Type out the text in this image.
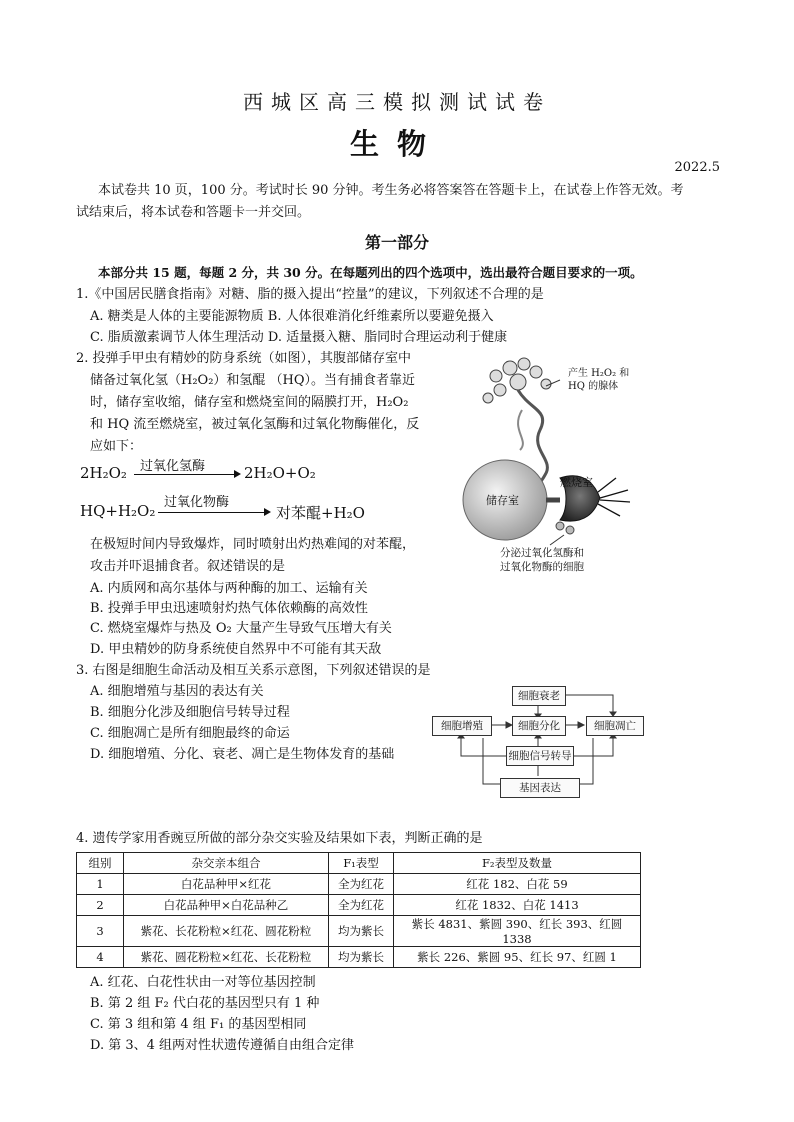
西城区高三模拟测试试卷
生物
2022.5
本试卷共 10 页，100 分。考试时长 90 分钟。考生务必将答案答在答题卡上，在试卷上作答无效。考
试结束后，将本试卷和答题卡一并交回。
第一部分
本部分共 15 题，每题 2 分，共 30 分。在每题列出的四个选项中，选出最符合题目要求的一项。
1.《中国居民膳食指南》对糖、脂的摄入提出“控量”的建议，下列叙述不合理的是
A. 糖类是人体的主要能源物质 B. 人体很难消化纤维素所以要避免摄入
C. 脂质激素调节人体生理活动 D. 适量摄入糖、脂同时合理运动利于健康
2. 投弹手甲虫有精妙的防身系统（如图），其腹部储存室中
储备过氧化氢（H₂O₂）和氢醌 （HQ）。当有捕食者靠近
时，储存室收缩，储存室和燃烧室间的隔膜打开，H₂O₂
和 HQ 流至燃烧室，被过氧化氢酶和过氧化物酶催化，反
应如下：
2H₂O₂ 过氧化氢酶	2H₂O+O₂
HQ+H₂O₂ 过氧化物酶
对苯醌+H₂O
在极短时间内导致爆炸，同时喷射出灼热难闻的对苯醌，
攻击并吓退捕食者。叙述错误的是
A. 内质网和高尔基体与两种酶的加工、运输有关
B. 投弹手甲虫迅速喷射灼热气体依赖酶的高效性
C. 燃烧室爆炸与热及 O₂ 大量产生导致气压增大有关
D. 甲虫精妙的防身系统使自然界中不可能有其天敌
产生 H₂O₂ 和
HQ 的腺体
燃烧室
储存室
分泌过氧化氢酶和
过氧化物酶的细胞
3. 右图是细胞生命活动及相互关系示意图，下列叙述错误的是
A. 细胞增殖与基因的表达有关
B. 细胞分化涉及细胞信号转导过程
C. 细胞凋亡是所有细胞最终的命运
D. 细胞增殖、分化、衰老、凋亡是生物体发育的基础
细胞衰老
细胞增殖	细胞分化	细胞凋亡
细胞信号转导
基因表达
4. 遗传学家用香豌豆所做的部分杂交实验及结果如下表，判断正确的是
组别	杂交亲本组合	F₁表型	F₂表型及数量
1	白花品种甲×红花	全为红花	红花 182、白花 59
2	白花品种甲×白花品种乙	全为红花	红花 1832、白花 1413
3	紫花、长花粉粒×红花、圆花粉粒	均为紫长	紫长 4831、紫圆 390、红长 393、红圆 1338
4	紫花、圆花粉粒×红花、长花粉粒	均为紫长	紫长 226、紫圆 95、红长 97、红圆 1
A. 红花、白花性状由一对等位基因控制
B. 第 2 组 F₂ 代白花的基因型只有 1 种
C. 第 3 组和第 4 组 F₁ 的基因型相同
D. 第 3、4 组两对性状遗传遵循自由组合定律
